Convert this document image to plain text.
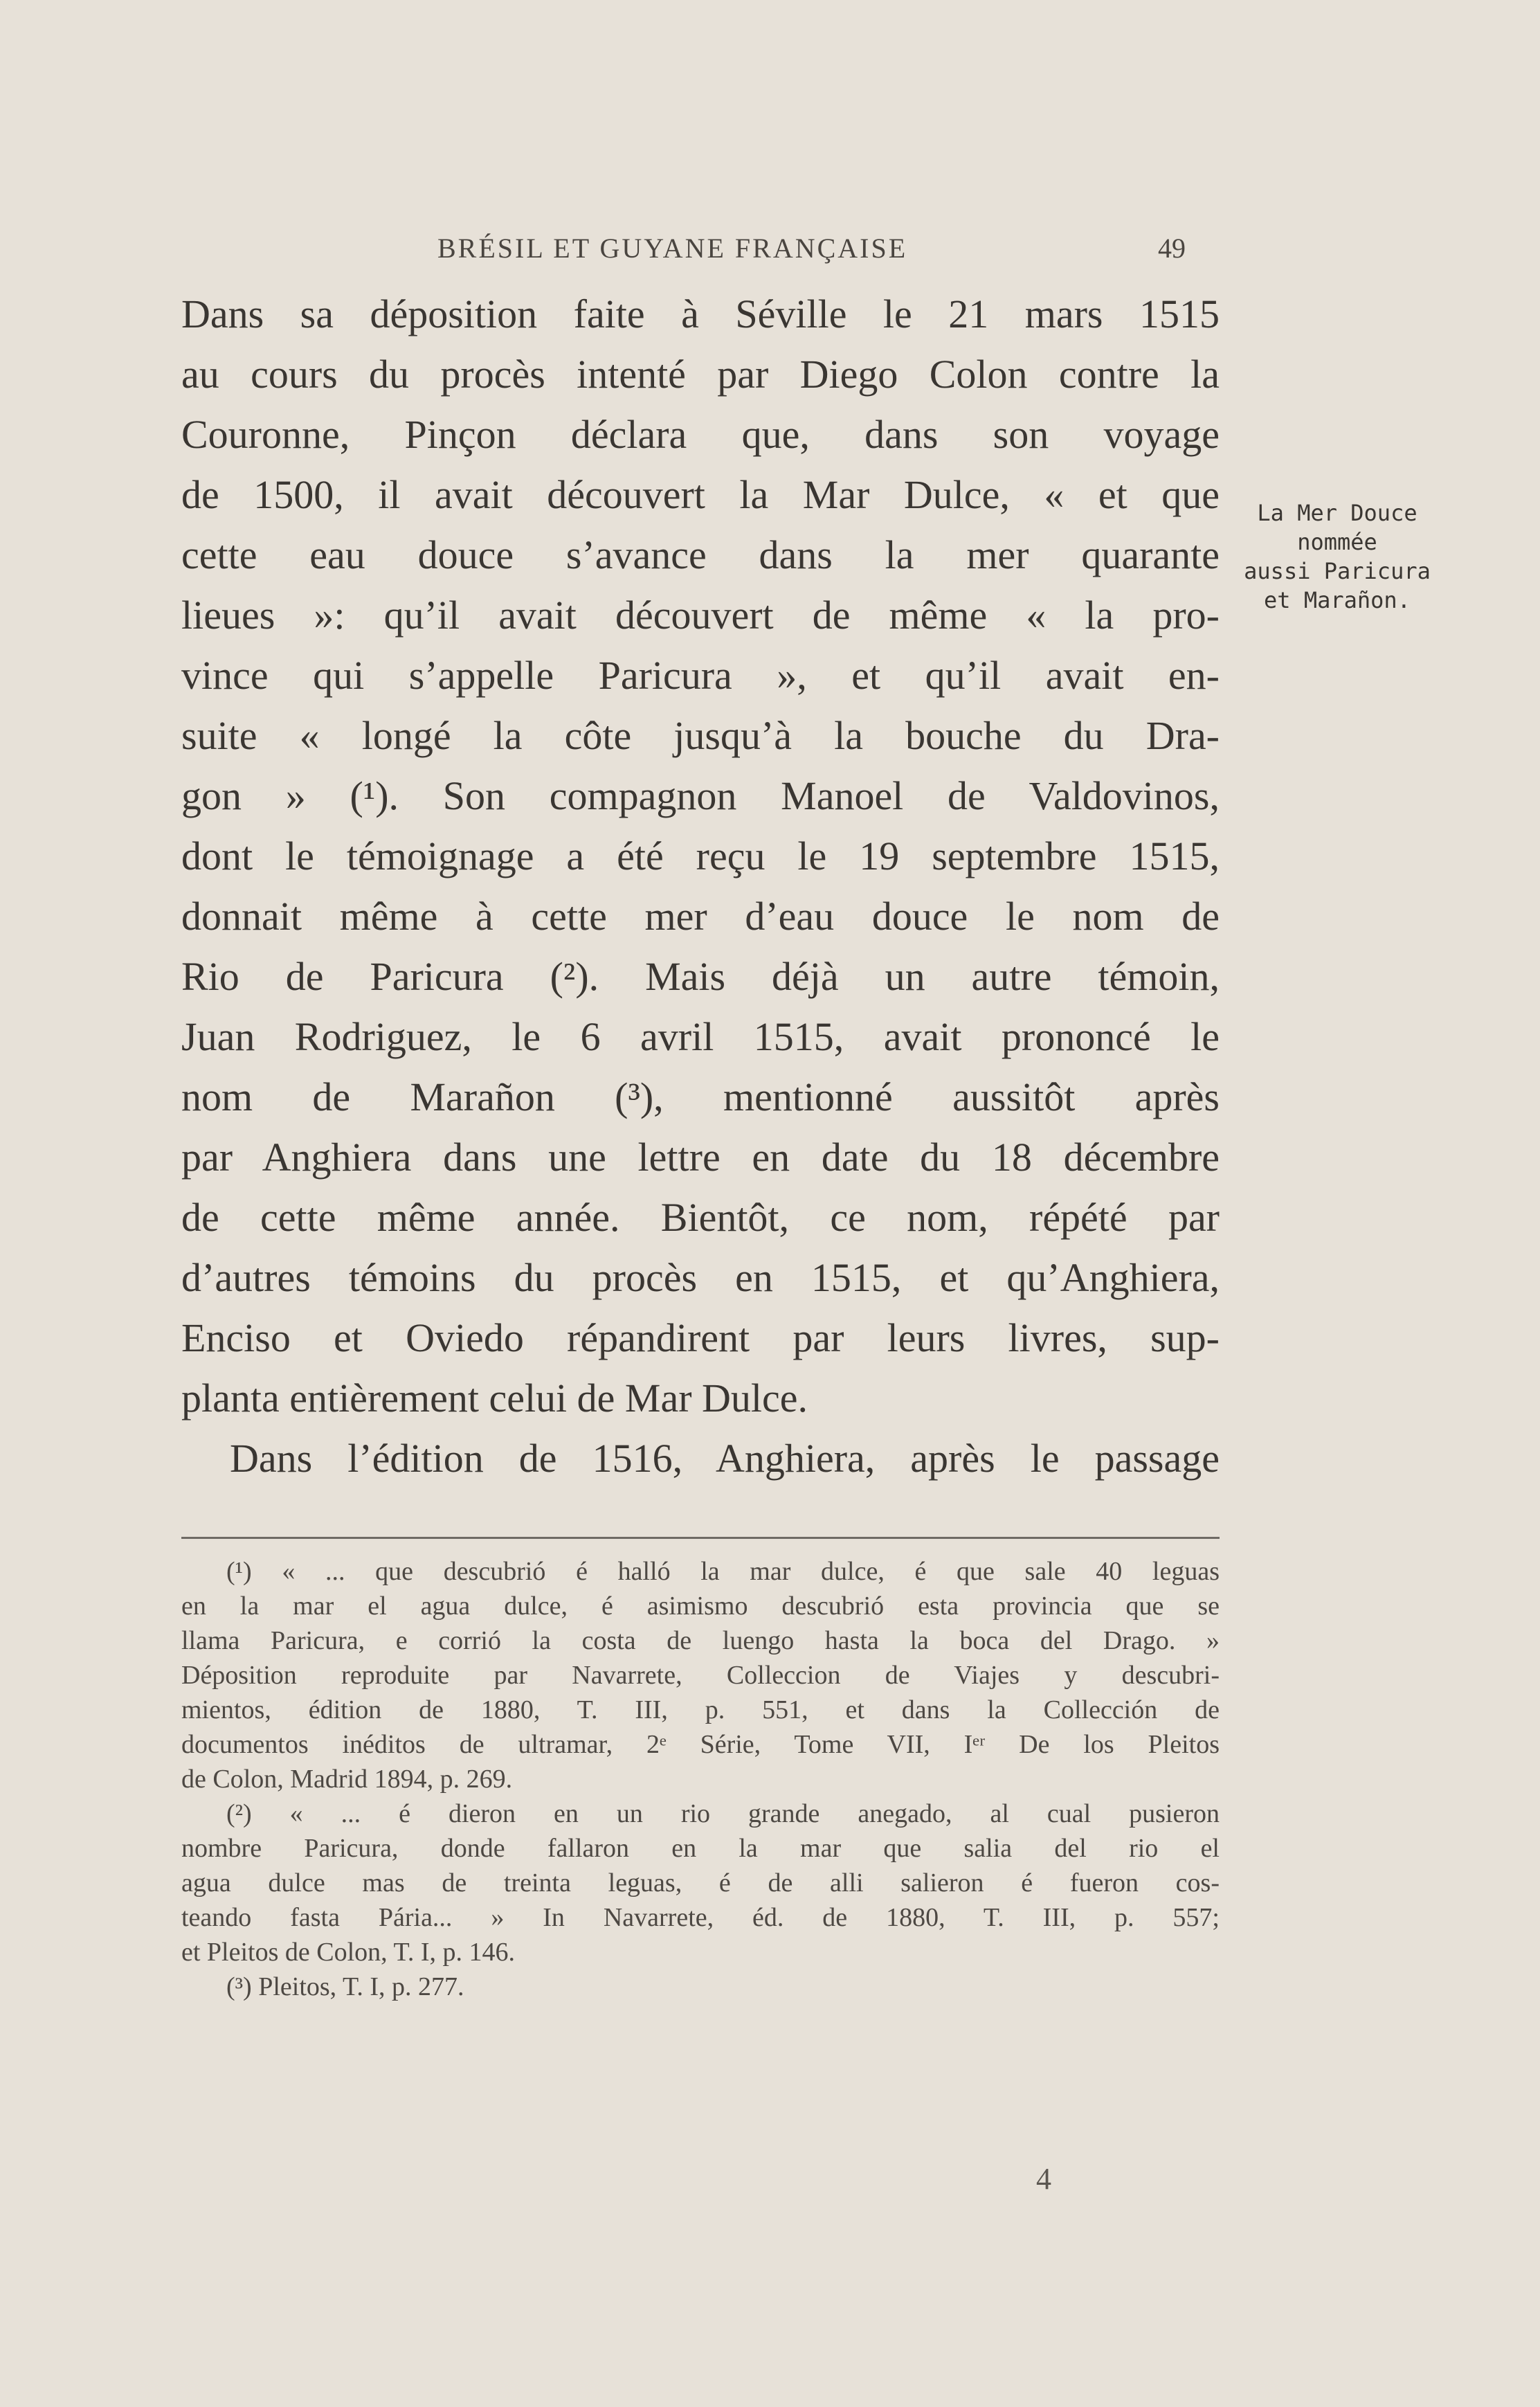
BRÉSIL ET GUYANE FRANÇAISE	49
Dans sa déposition faite à Séville le 21 mars 1515
au cours du procès intenté par Diego Colon contre la
Couronne, Pinçon déclara que, dans son voyage
de 1500, il avait découvert la Mar Dulce, « et que
cette eau douce s’avance dans la mer quarante
lieues »: qu’il avait découvert de même « la pro-
vince qui s’appelle Paricura », et qu’il avait en-
suite « longé la côte jusqu’à la bouche du Dra-
gon » (¹). Son compagnon Manoel de Valdovinos,
dont le témoignage a été reçu le 19 septembre 1515,
donnait même à cette mer d’eau douce le nom de
Rio de Paricura (²). Mais déjà un autre témoin,
Juan Rodriguez, le 6 avril 1515, avait prononcé le
nom de Marañon (³), mentionné aussitôt après
par Anghiera dans une lettre en date du 18 décembre
de cette même année. Bientôt, ce nom, répété par
d’autres témoins du procès en 1515, et qu’Anghiera,
Enciso et Oviedo répandirent par leurs livres, sup-
planta entièrement celui de Mar Dulce.
Dans l’édition de 1516, Anghiera, après le passage
La Mer Douce
nommée
aussi Paricura
et Marañon.
(¹) « ... que descubrió é halló la mar dulce, é que sale 40 leguas
en la mar el agua dulce, é asimismo descubrió esta provincia que se
llama Paricura, e corrió la costa de luengo hasta la boca del Drago. »
Déposition reproduite par Navarrete, Colleccion de Viajes y descubri-
mientos, édition de 1880, T. III, p. 551, et dans la Collección de
documentos inéditos de ultramar, 2ᵉ Série, Tome VII, Iᵉʳ De los Pleitos
de Colon, Madrid 1894, p. 269.
(²) « ... é dieron en un rio grande anegado, al cual pusieron
nombre Paricura, donde fallaron en la mar que salia del rio el
agua dulce mas de treinta leguas, é de alli salieron é fueron cos-
teando fasta Pária... » In Navarrete, éd. de 1880, T. III, p. 557;
et Pleitos de Colon, T. I, p. 146.
(³) Pleitos, T. I, p. 277.
4
